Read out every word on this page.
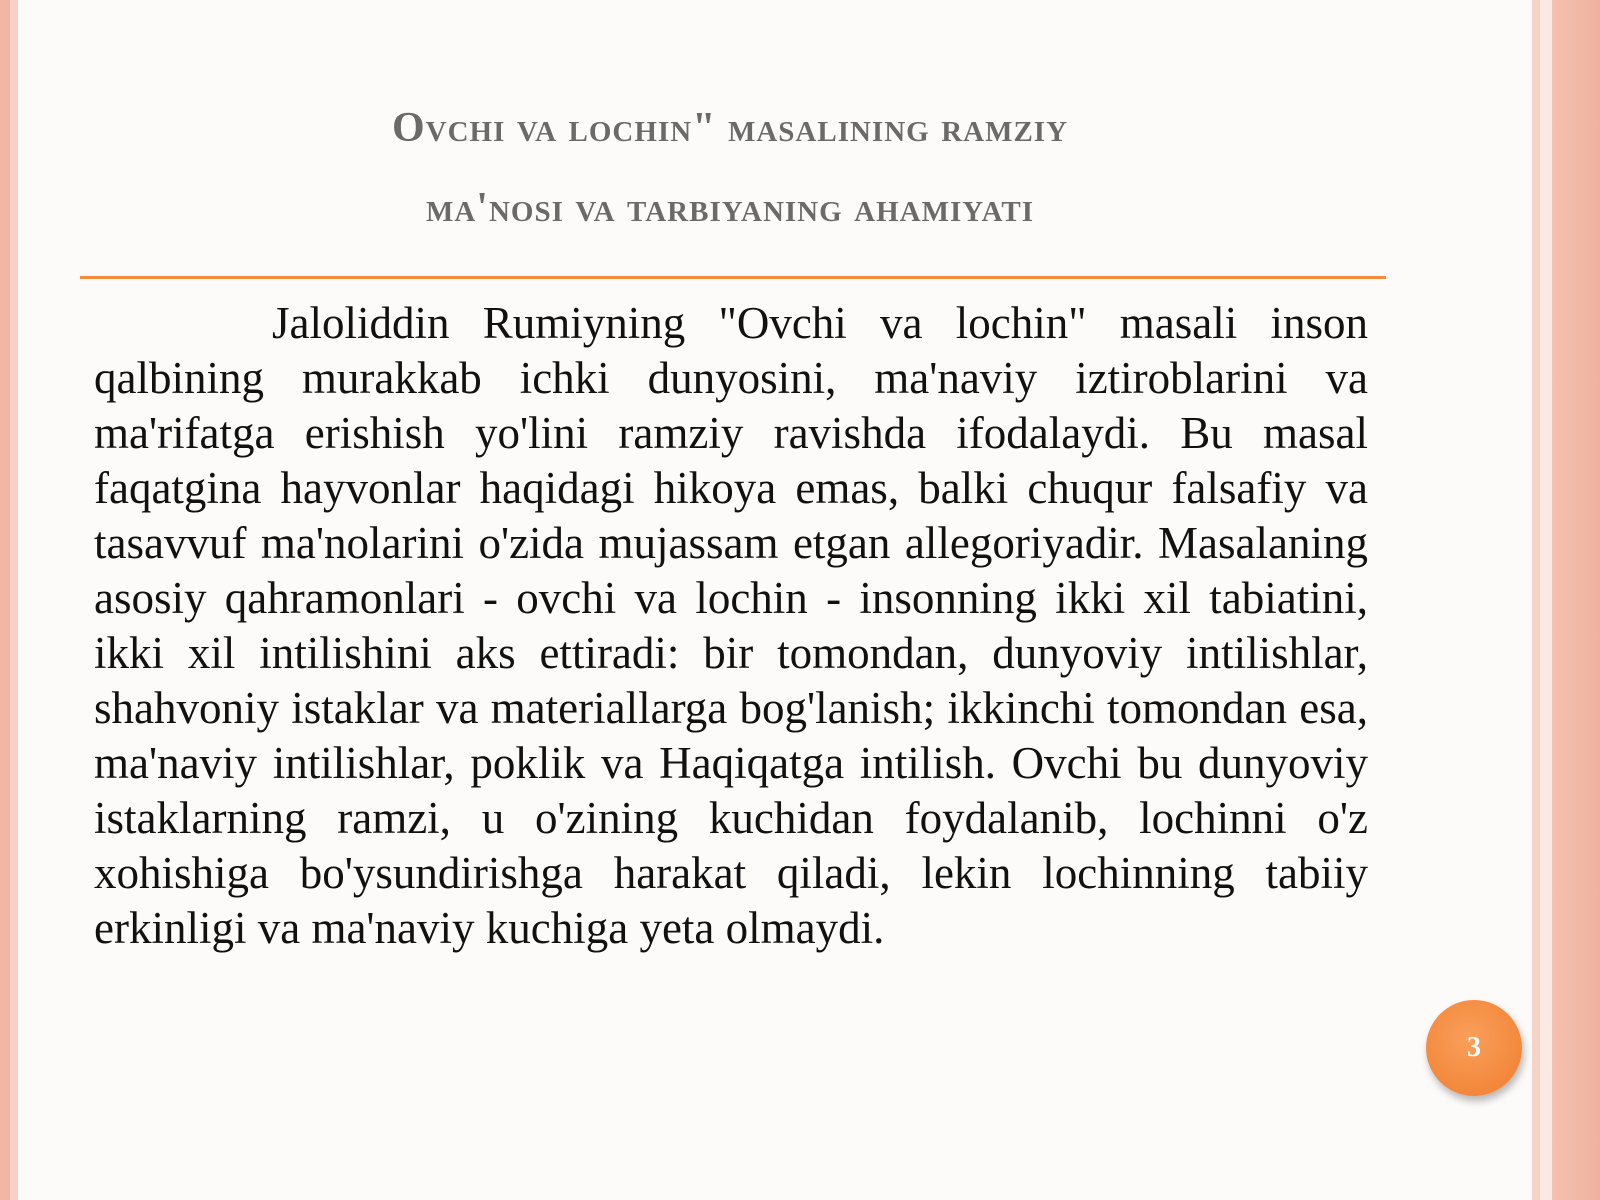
Ovchi va lochin" masalining ramziy
ma'nosi va tarbiyaning ahamiyati

Jaloliddin Rumiyning "Ovchi va lochin" masali inson qalbining murakkab ichki dunyosini, ma'naviy iztiroblarini va ma'rifatga erishish yo'lini ramziy ravishda ifodalaydi. Bu masal faqatgina hayvonlar haqidagi hikoya emas, balki chuqur falsafiy va tasavvuf ma'nolarini o'zida mujassam etgan allegoriyadir. Masalaning asosiy qahramonlari - ovchi va lochin - insonning ikki xil tabiatini, ikki xil intilishini aks ettiradi: bir tomondan, dunyoviy intilishlar, shahvoniy istaklar va materiallarga bog'lanish; ikkinchi tomondan esa, ma'naviy intilishlar, poklik va Haqiqatga intilish. Ovchi bu dunyoviy istaklarning ramzi, u o'zining kuchidan foydalanib, lochinni o'z xohishiga bo'ysundirishga harakat qiladi, lekin lochinning tabiiy erkinligi va ma'naviy kuchiga yeta olmaydi.

3
